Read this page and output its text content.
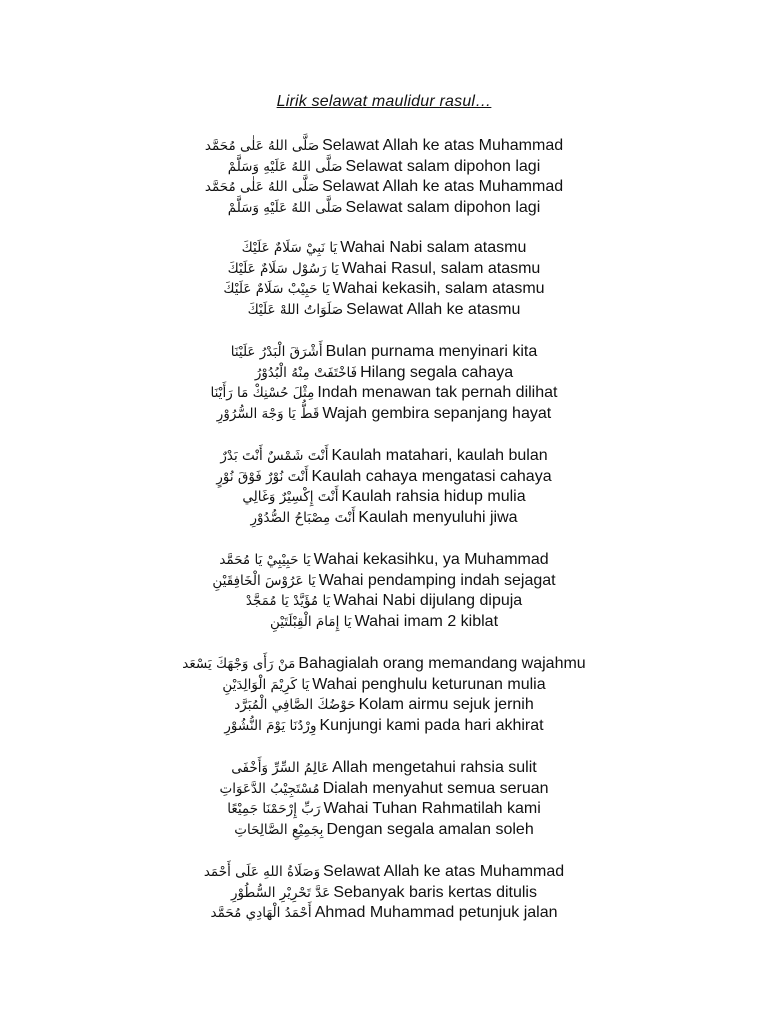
Lirik selawat maulidur rasul…
صَلَّى اللهُ عَلٰى مُحَمَّد Selawat Allah ke atas Muhammad
صَلَّى اللهُ عَلَيْهِ وَسَلَّمْ Selawat salam dipohon lagi
صَلَّى اللهُ عَلٰى مُحَمَّد Selawat Allah ke atas Muhammad
صَلَّى اللهُ عَلَيْهِ وَسَلَّمْ Selawat salam dipohon lagi
يَا نَبِيْ سَلَامٌ عَلَيْكَ Wahai Nabi salam atasmu
يَا رَسُوْل سَلَامٌ عَلَيْكَ Wahai Rasul, salam atasmu
يَا حَبِيْبْ سَلَامٌ عَلَيْكَ Wahai kekasih, salam atasmu
صَلَوَاتُ اللهْ عَلَيْكَ Selawat Allah ke atasmu
أَشْرَقَ الْبَدْرُ عَلَيْنَا Bulan purnama menyinari kita
فَاخْتَفَتْ مِنْهُ الْبُدُوْرُ Hilang segala cahaya
مِثْلَ حُسْنِكْ مَا رَأَيْنَا Indah menawan tak pernah dilihat
قَطُّ يَا وَجْهَ السُّرُوْرِ Wajah gembira sepanjang hayat
أَنْتَ شَمْسٌ أَنْتَ بَدْرٌ Kaulah matahari, kaulah bulan
أَنْتَ نُوْرٌ فَوْقَ نُوْرٍ Kaulah cahaya mengatasi cahaya
أَنْتَ إِكْسِيْرٌ وَغَالِي Kaulah rahsia hidup mulia
أَنْتَ مِصْبَاحُ الصُّدُوْرِ Kaulah menyuluhi jiwa
يَا حَبِيْبِيْ يَا مُحَمَّد Wahai kekasihku, ya Muhammad
يَا عَرُوْسَ الْخَافِقَيْنِ Wahai pendamping indah sejagat
يَا مُؤَيَّدْ يَا مُمَجَّدْ Wahai Nabi dijulang dipuja
يَا إِمَامَ الْقِبْلَتَيْنِ Wahai imam 2 kiblat
مَنْ رَأَى وَجْهَكَ يَسْعَد Bahagialah orang memandang wajahmu
يَا كَرِيْمَ الْوَالِدَيْنِ Wahai penghulu keturunan mulia
حَوْضُكَ الصَّافِي الْمُبَرَّد Kolam airmu sejuk jernih
وِرْدُنَا يَوْمَ النُّشُوْرِ Kunjungi kami pada hari akhirat
عَالِمُ السِّرِّ وَأَخْفَى Allah mengetahui rahsia sulit
مُسْتَجِيْبُ الدَّعَوَاتِ Dialah menyahut semua seruan
رَبِّ إِرْحَمْنَا جَمِيْعًا Wahai Tuhan Rahmatilah kami
بِجَمِيْعِ الصَّالِحَاتِ Dengan segala amalan soleh
وَصَلَاةُ اللهِ عَلَى أَحْمَد Selawat Allah ke atas Muhammad
عَدَّ تَحْرِيْرِ السُّطُوْرِ Sebanyak baris kertas ditulis
أَحْمَدُ الْهَادِي مُحَمَّد Ahmad Muhammad petunjuk jalan
